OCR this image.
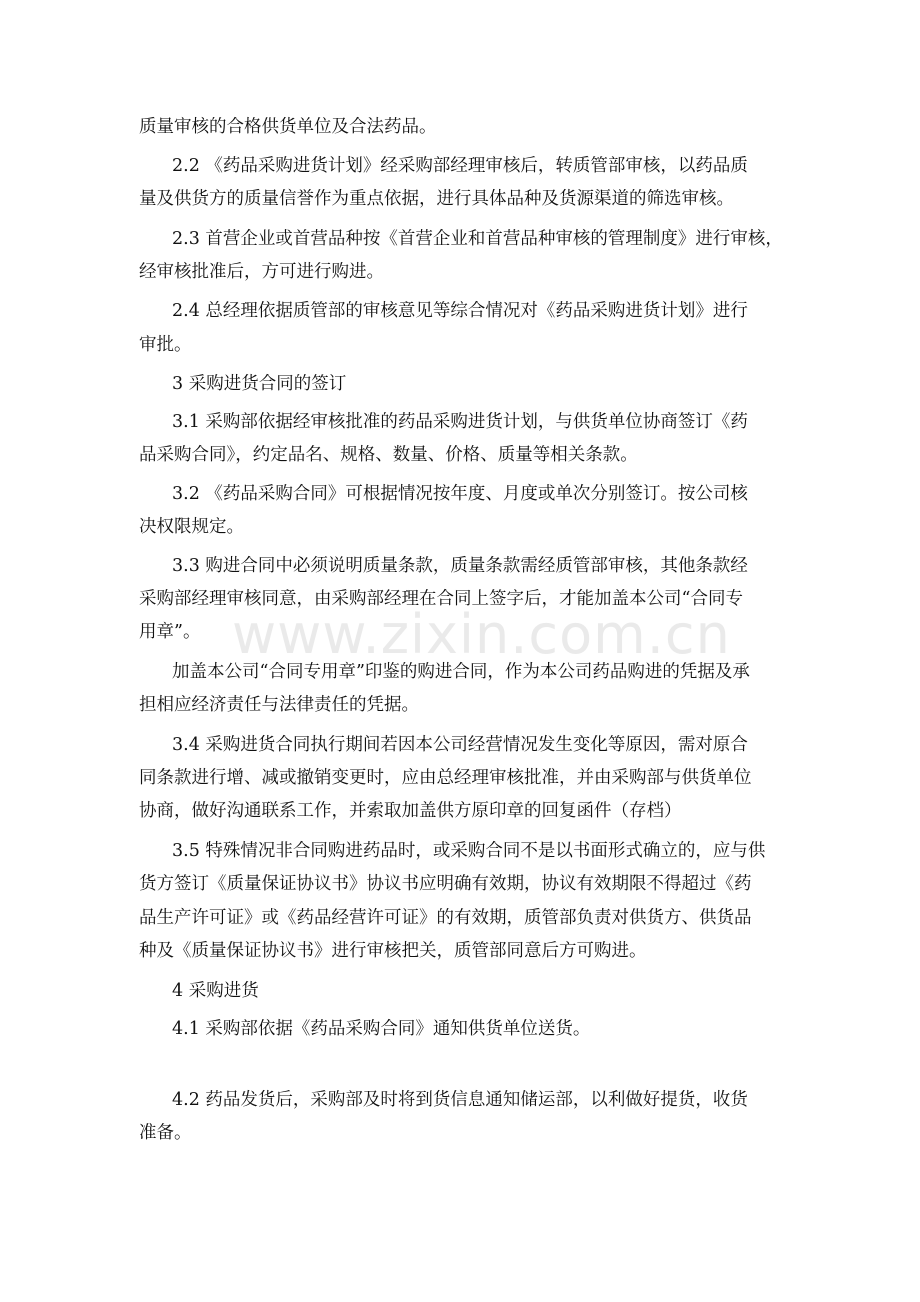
质量审核的合格供货单位及合法药品。
2.2 《药品采购进货计划》经采购部经理审核后，转质管部审核，以药品质
量及供货方的质量信誉作为重点依据，进行具体品种及货源渠道的筛选审核。
2.3 首营企业或首营品种按《首营企业和首营品种审核的管理制度》进行审核，
经审核批准后，方可进行购进。
2.4 总经理依据质管部的审核意见等综合情况对《药品采购进货计划》进行
审批。
3 采购进货合同的签订
3.1 采购部依据经审核批准的药品采购进货计划，与供货单位协商签订《药
品采购合同》，约定品名、规格、数量、价格、质量等相关条款。
3.2 《药品采购合同》可根据情况按年度、月度或单次分别签订。按公司核
决权限规定。
3.3 购进合同中必须说明质量条款，质量条款需经质管部审核，其他条款经
采购部经理审核同意，由采购部经理在合同上签字后，才能加盖本公司“合同专
用章”。
加盖本公司“合同专用章”印鉴的购进合同，作为本公司药品购进的凭据及承
担相应经济责任与法律责任的凭据。
3.4 采购进货合同执行期间若因本公司经营情况发生变化等原因，需对原合
同条款进行增、减或撤销变更时，应由总经理审核批准，并由采购部与供货单位
协商，做好沟通联系工作，并索取加盖供方原印章的回复函件（存档）
3.5 特殊情况非合同购进药品时，或采购合同不是以书面形式确立的，应与供
货方签订《质量保证协议书》协议书应明确有效期，协议有效期限不得超过《药
品生产许可证》或《药品经营许可证》的有效期，质管部负责对供货方、供货品
种及《质量保证协议书》进行审核把关，质管部同意后方可购进。
4 采购进货
4.1 采购部依据《药品采购合同》通知供货单位送货。
4.2 药品发货后，采购部及时将到货信息通知储运部，以利做好提货，收货
准备。
www.zixin.com.cn
